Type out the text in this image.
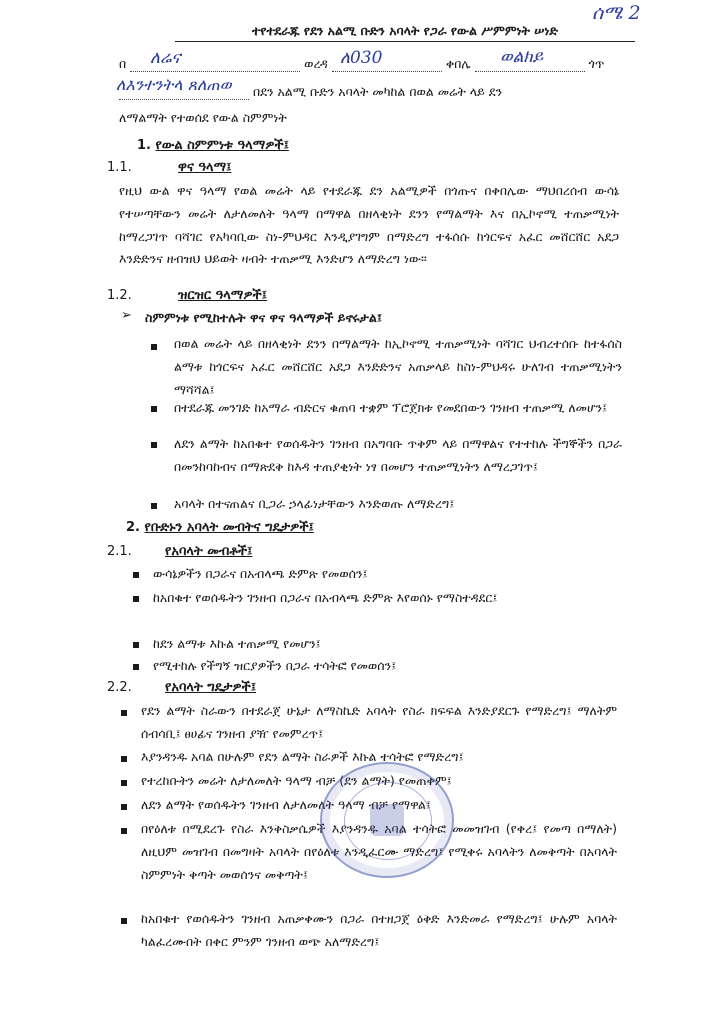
ሰሜ 2
ለሬና	ለ030	ወልክይ
ለእንተንትላ ጸለጠወ
ተየተደራጁ የደን አልሚ ቡድን አባላት የጋራ የውል ሥምምነት ሠነድ
በ	ወረዳ	ቀበሌ	ጎጥ
በደን አልሚ ቡድን አባላት መካከል በወል መሬት ላይ ደን
ለማልማት የተወሰደ የውል ስምምነት
1. የውል ስምምነቱ ዓላማዎች፤
1.1.	ዋና ዓላማ፤
የዚህ ውል ዋና ዓላማ የወል መሬት ላይ የተደራጁ ደን አልሚዎች በጎጡና በቀበሌው ማህበረሰብ ውሳኔ የተሠጣቸውን መሬት ለታለመለት ዓላማ በማዋል በዘላቂነት ደንን የማልማት እና በኢኮኖሚ ተጠቃሚነት ከማረጋገጥ ባሻገር የአካባቢው ስነ-ምህዳር እንዲያገግም በማድረግ ተፋሰሱ ከጎርፍና አፈር መሸርሸር አደጋ እንድድንና ዘብዝህ ህይወት ዛብት ተጠቃሚ እንድሆን ለማድረግ ነው፡፡
1.2.	ዝርዝር ዓላማዎች፤
➢ ስምምነቱ የሚከተሉት ዋና ዋና ዓላማዎች ይኖሩታል፤
በወል መሬት ላይ በዘላቂነት ደንን በማልማት ከኢኮኖሚ ተጠቃሚነት ባሻገር ህብረተሰቡ ከተፋሰስ ልማቱ ከጎርፍና አፈር መሸርሸር አደጋ እንድድንና አጠቃላይ ከስነ-ምህዳሩ ሁለገብ ተጠቃሚነትን ማሻሻል፤
በተደራጁ መንገድ ከአማራ ብድርና ቁጠባ ተቋም ፕሮጀክቱ የመደበውን ገንዘብ ተጠቃሚ ለመሆን፤
ለደን ልማት ከአበቁተ የወሰዱትን ገንዘብ በአግባቡ ጥቅም ላይ በማዋልና የተተከሉ ችግኞችን በጋራ በመንከባከብና በማጽደቅ ከእዳ ተጠያቂነት ነፃ በመሆን ተጠቃሚነትን ለማረጋገጥ፤
አባላት በተናጠልና ቢጋራ ኃላፊነታቸውን እንድወጡ ለማድረግ፤
2. የቡድኑን አባላት መብትና ግዴታዎች፤
2.1.	የአባላት መብቶች፤
ውሳኔዎችን በጋራና በአብላጫ ድምጽ የመወሰን፤
ከአበቁተ የወሰዱትን ገንዘብ በጋራና በአብላጫ ድምጽ እየወሰኑ የማስተዳደር፤
ከደን ልማቱ እኩል ተጠቃሚ የመሆን፤
የሚተከሉ የችግኝ ዝርያዎችን በጋራ ተሳትፎ የመወሰን፤
2.2.	የአባላት ግዴታዎች፤
የደን ልማት ስራውን በተደራጀ ሁኔታ ለማስኬድ አባላት የስራ ክፍፍል እንድያደርጉ የማድረግ፤ ማለትም ሰብሳቢ፤ ፀሀፊና ገንዘብ ያዥ የመምረጥ፤
እያንዳንዱ አባል በሁሉም የደን ልማት ስራዎች እኩል ተሳትፎ የማድረግ፤
የተረከቡትን መሬት ለታለመለት ዓላማ ብቻ (ደን ልማት) የመጠቀም፤
ለደን ልማት የወሰዱትን ገንዘብ ለታለመለት ዓላማ ብቻ የማዋል፤
በየዕለቱ በሚደረጉ የስራ እንቅስቃሴዎች እያንዳንዱ አባል ተሳትፎ መመዝገብ (የቀረ፤ የመጣ በማለት) ለዚህም መዝገብ በመግዛት አባላት በየዕለቱ እንዲፈርሙ ማድረግ፤ የሚቀሩ አባላትን ለመቅጣት በአባላት ስምምነት ቅጣት መወሰንና መቅጣት፤
ከአበቁተ የወሰዱትን ገንዘብ አጠቃቀሙን በጋራ በተዘጋጀ ዕቅድ እንድመራ የማድረግ፤ ሁሉም አባላት ካልፈረሙበት በቀር ምንም ገንዘብ ወጭ አለማድረግ፤
